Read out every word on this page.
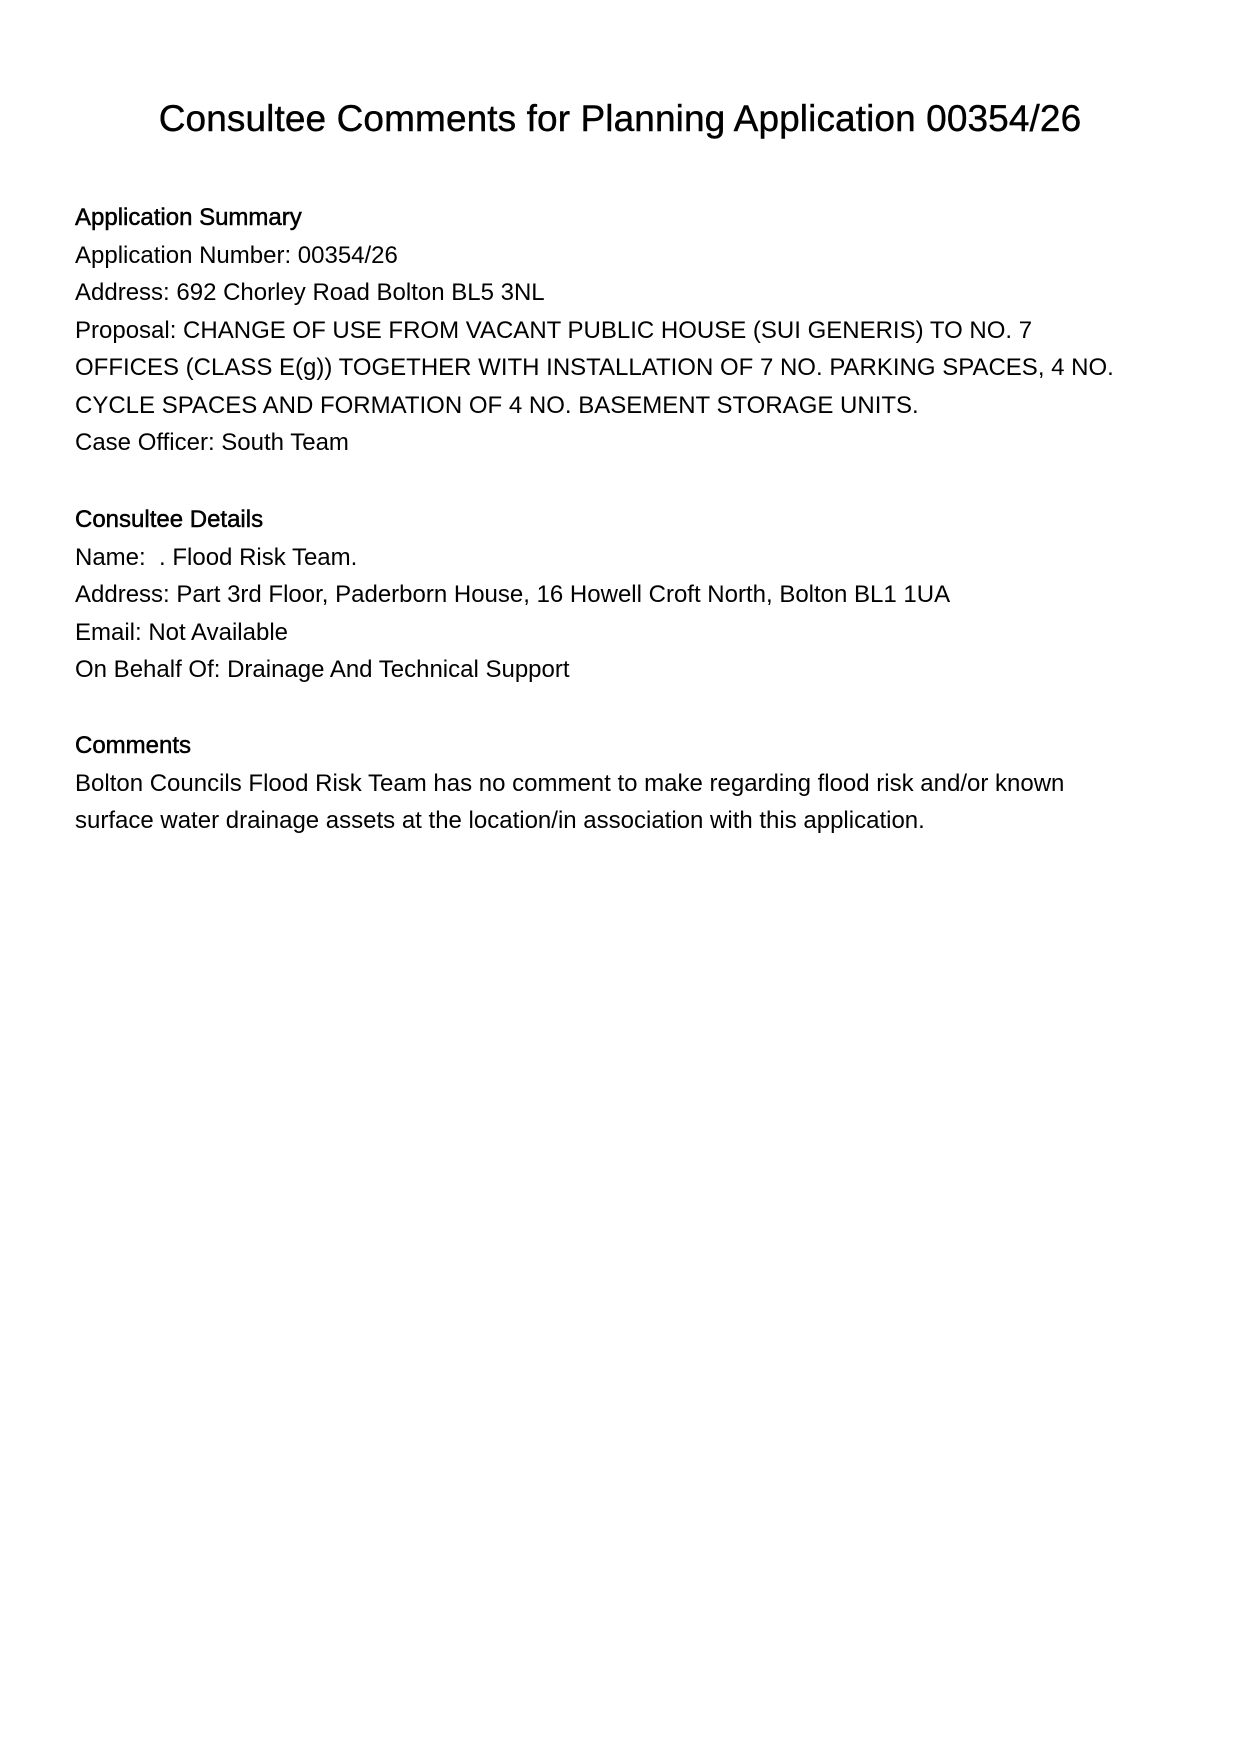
Consultee Comments for Planning Application 00354/26
Application Summary

Application Number: 00354/26

Address: 692 Chorley Road Bolton BL5 3NL

Proposal: CHANGE OF USE FROM VACANT PUBLIC HOUSE (SUI GENERIS) TO NO. 7 OFFICES (CLASS E(g)) TOGETHER WITH INSTALLATION OF 7 NO. PARKING SPACES, 4 NO. CYCLE SPACES AND FORMATION OF 4 NO. BASEMENT STORAGE UNITS.

Case Officer: South Team

Consultee Details

Name:  . Flood Risk Team.

Address: Part 3rd Floor, Paderborn House, 16 Howell Croft North, Bolton BL1 1UA

Email: Not Available

On Behalf Of: Drainage And Technical Support

Comments

Bolton Councils Flood Risk Team has no comment to make regarding flood risk and/or known surface water drainage assets at the location/in association with this application.
